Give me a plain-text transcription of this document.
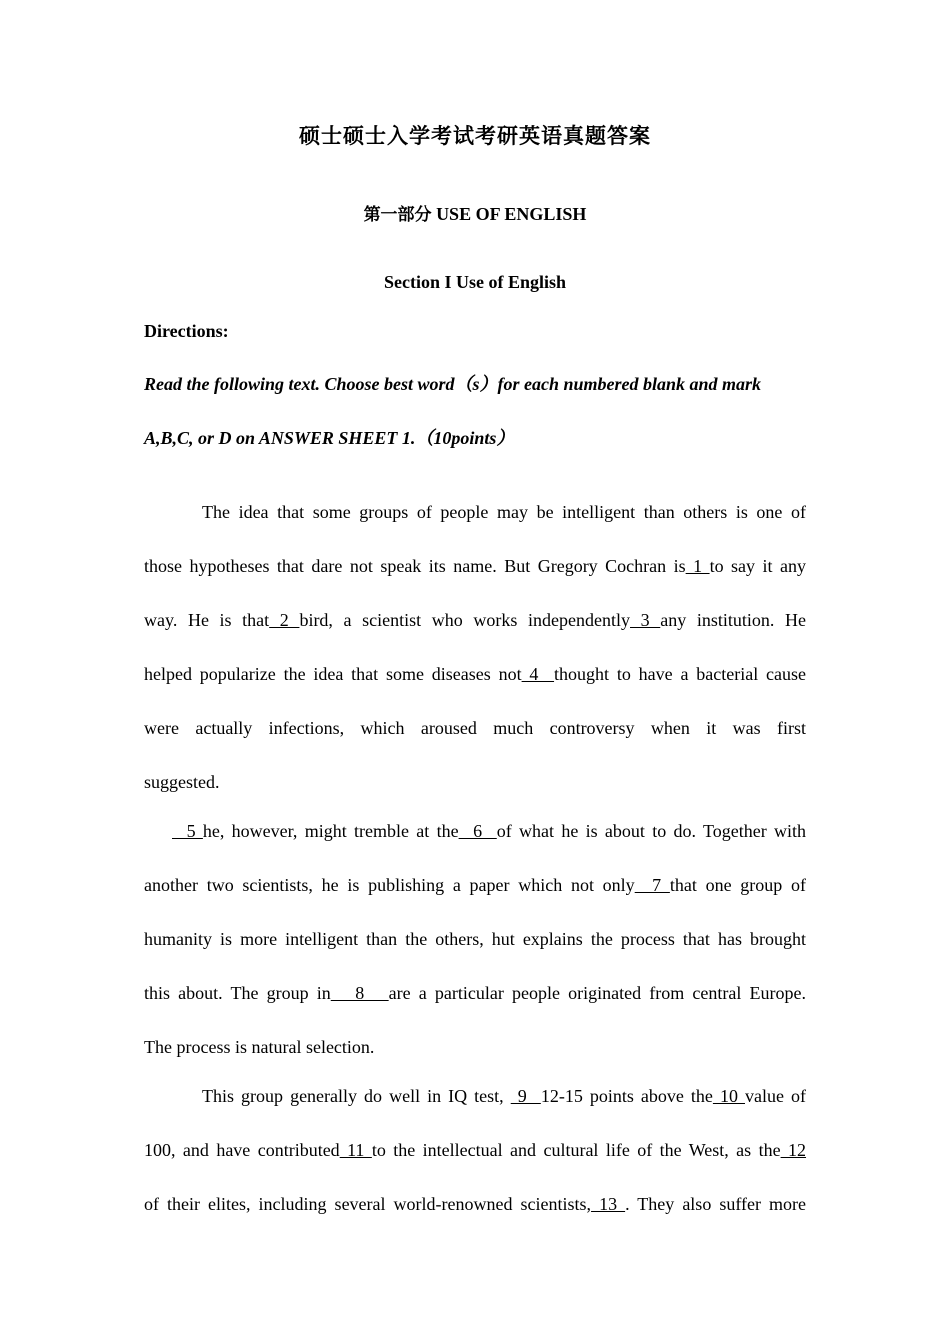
硕士硕士入学考试考研英语真题答案
第一部分 USE OF ENGLISH
Section I Use of English
Directions:
Read the following text. Choose best word（s）for each numbered blank and mark
A,B,C, or D on ANSWER SHEET 1.（10points）
The idea that some groups of people may be intelligent than others is one of
those hypotheses that dare not speak its name. But Gregory Cochran is 1 to say it any
way. He is that 2 bird, a scientist who works independently 3 any institution. He
helped popularize the idea that some diseases not 4  thought to have a bacterial cause
were actually infections, which aroused much controversy when it was first
suggested.
5 he, however, might tremble at the  6  of what he is about to do. Together with
another two scientists, he is publishing a paper which not only  7 that one group of
humanity is more intelligent than the others, hut explains the process that has brought
this about. The group in   8   are a particular people originated from central Europe.
The process is natural selection.
This group generally do well in IQ test,  9  12-15 points above the 10 value of
100, and have contributed 11 to the intellectual and cultural life of the West, as the 12
of their elites, including several world-renowned scientists, 13 . They also suffer more
